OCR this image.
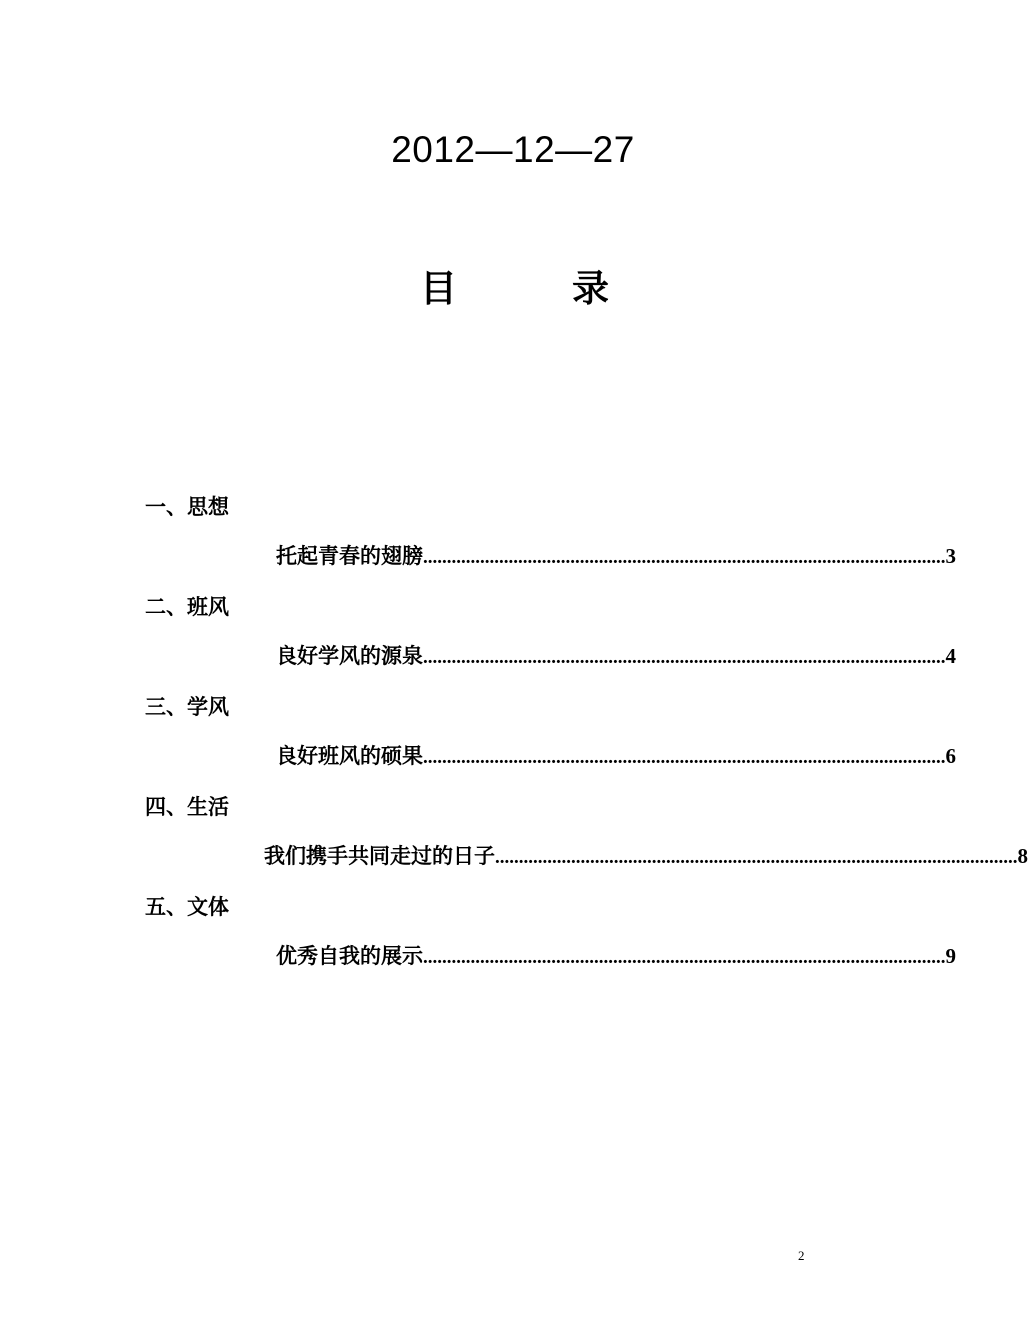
2012—12—27
目	录
一、思想
托起青春的翅膀 .............................................................................................................. 3
二、班风
良好学风的源泉 .............................................................................................................. 4
三、学风
良好班风的硕果 .............................................................................................................. 6
四、生活
我们携手共同走过的日子 .............................................................................................................. 8
五、文体
优秀自我的展示 .............................................................................................................. 9
2
